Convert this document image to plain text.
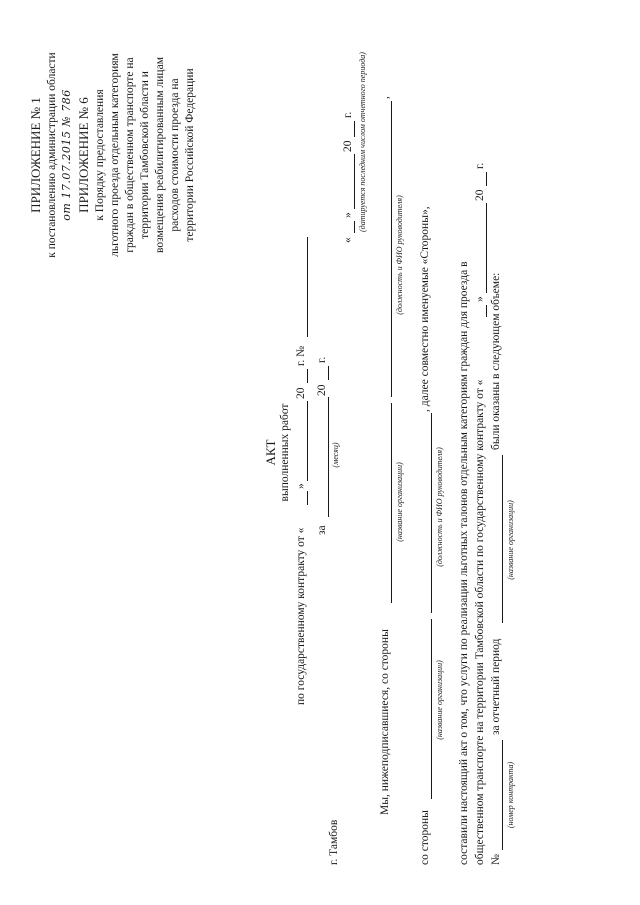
ПРИЛОЖЕНИЕ № 1 к постановлению администрации области от 17.07.2015 № 786 ПРИЛОЖЕНИЕ № 6 к Порядку предоставления льготного проезда отдельным категориям граждан в общественном транспорте на территории Тамбовской области и возмещения реабилитированным лицам расходов стоимости проезда на территории Российской Федерации
АКТ выполненных работ
по государственному контракту от «
»
20
г. №
за
20
г.
(месяц)
г. Тамбов
«
»
20
г. (датируется последним числом отчетного периода)
Мы, нижеподписавшиеся, со стороны
,
(название организации)
(должность и ФИО руководителя)
со стороны
, далее совместно именуемые «Стороны»,
(название организации)
(должность и ФИО руководителя) составили настоящий акт о том, что услуги по реализации льготных талонов отдельным категориям граждан для проезда в общественном транспорте на территории Тамбовской области по государственному контракту от «
»
20
г.
№
за отчетный период
были оказаны в следующем объеме:
(номер контракта)
(название организации)
